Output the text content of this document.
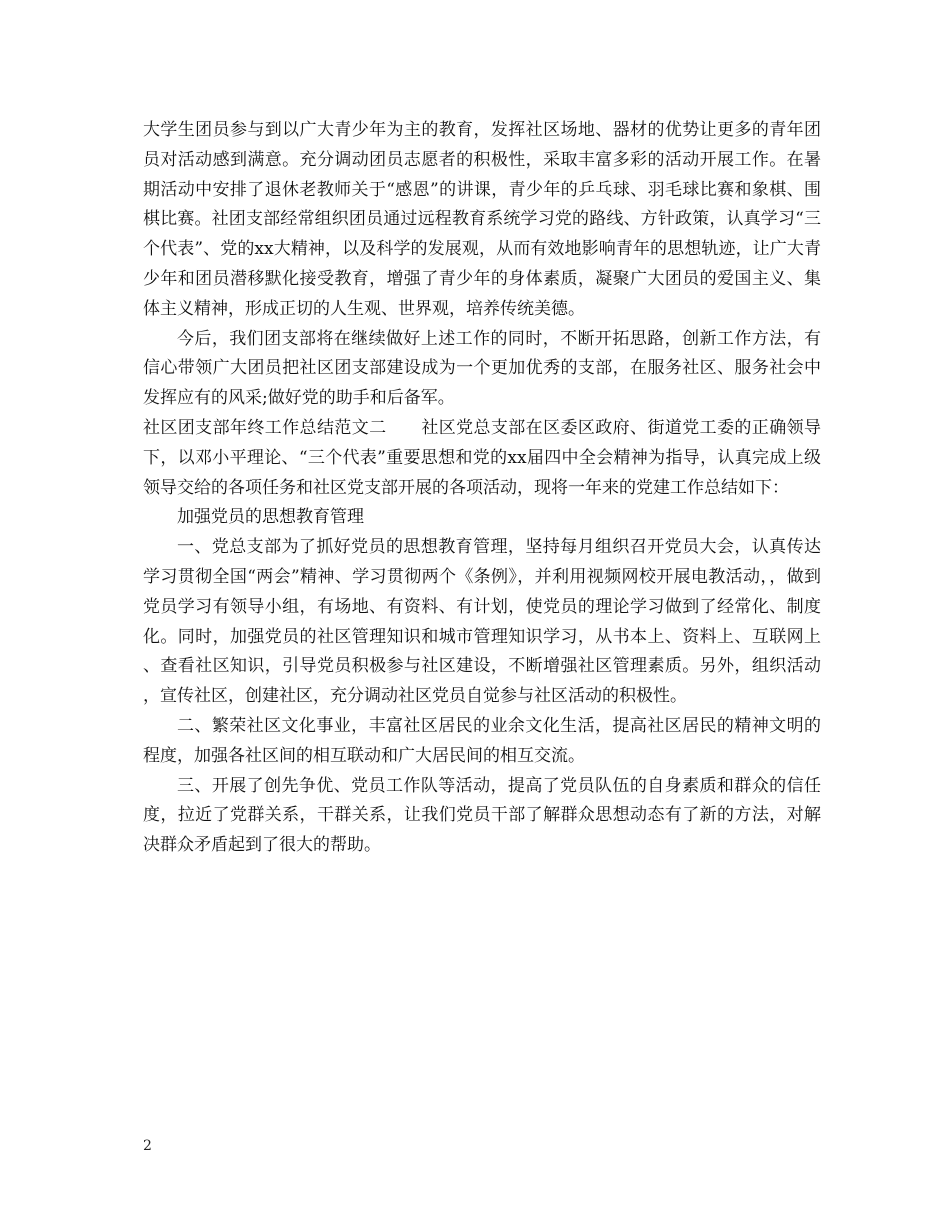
大学生团员参与到以广大青少年为主的教育，发挥社区场地、器材的优势让更多的青年团员对活动感到满意。充分调动团员志愿者的积极性，采取丰富多彩的活动开展工作。在暑期活动中安排了退休老教师关于“感恩”的讲课，青少年的乒乓球、羽毛球比赛和象棋、围棋比赛。社团支部经常组织团员通过远程教育系统学习党的路线、方针政策，认真学习“三个代表”、党的xx大精神，以及科学的发展观，从而有效地影响青年的思想轨迹，让广大青少年和团员潜移默化接受教育，增强了青少年的身体素质，凝聚广大团员的爱国主义、集体主义精神，形成正切的人生观、世界观，培养传统美德。

今后，我们团支部将在继续做好上述工作的同时，不断开拓思路，创新工作方法，有信心带领广大团员把社区团支部建设成为一个更加优秀的支部，在服务社区、服务社会中发挥应有的风采;做好党的助手和后备军。

社区团支部年终工作总结范文二　　社区党总支部在区委区政府、街道党工委的正确领导下，以邓小平理论、“三个代表”重要思想和党的xx届四中全会精神为指导，认真完成上级领导交给的各项任务和社区党支部开展的各项活动，现将一年来的党建工作总结如下：

加强党员的思想教育管理

一、党总支部为了抓好党员的思想教育管理，坚持每月组织召开党员大会，认真传达学习贯彻全国“两会”精神、学习贯彻两个《条例》，并利用视频网校开展电教活动，，做到党员学习有领导小组，有场地、有资料、有计划，使党员的理论学习做到了经常化、制度化。同时，加强党员的社区管理知识和城市管理知识学习，从书本上、资料上、互联网上、查看社区知识，引导党员积极参与社区建设，不断增强社区管理素质。另外，组织活动，宣传社区，创建社区，充分调动社区党员自觉参与社区活动的积极性。

二、繁荣社区文化事业，丰富社区居民的业余文化生活，提高社区居民的精神文明的程度，加强各社区间的相互联动和广大居民间的相互交流。

三、开展了创先争优、党员工作队等活动，提高了党员队伍的自身素质和群众的信任度，拉近了党群关系，干群关系，让我们党员干部了解群众思想动态有了新的方法，对解决群众矛盾起到了很大的帮助。

2
